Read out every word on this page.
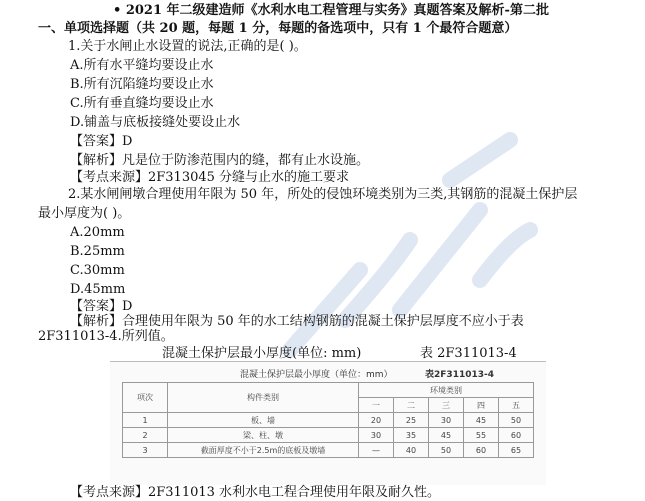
• 2021 年二级建造师《水利水电工程管理与实务》真题答案及解析-第二批
一、单项选择题（共 20 题，每题 1 分，每题的备选项中，只有 1 个最符合题意）
1.关于水闸止水设置的说法,正确的是( )。
A.所有水平缝均要设止水
B.所有沉陷缝均要设止水
C.所有垂直缝均要设止水
D.铺盖与底板接缝处要设止水
【答案】D
【解析】凡是位于防渗范围内的缝，都有止水设施。
【考点来源】2F313045 分缝与止水的施工要求
2.某水闸闸墩合理使用年限为 50 年，所处的侵蚀环境类别为三类,其钢筋的混凝土保护层
最小厚度为( )。
A.20mm
B.25mm
C.30mm
D.45mm
【答案】D
【解析】合理使用年限为 50 年的水工结构钢筋的混凝土保护层厚度不应小于表
2F311013-4.所列值。
混凝土保护层最小厚度(单位: mm)	表 2F311013-4
混凝土保护层最小厚度（单位：mm）	表2F311013-4
项次	构件类别	环境类别				
		一	二	三	四	五
1	板、墙	20	25	30	45	50
2	梁、柱、墩	30	35	45	55	60
3	截面厚度不小于2.5m的底板及墩墙	—	40	50	60	65
【考点来源】2F311013 水利水电工程合理使用年限及耐久性。
